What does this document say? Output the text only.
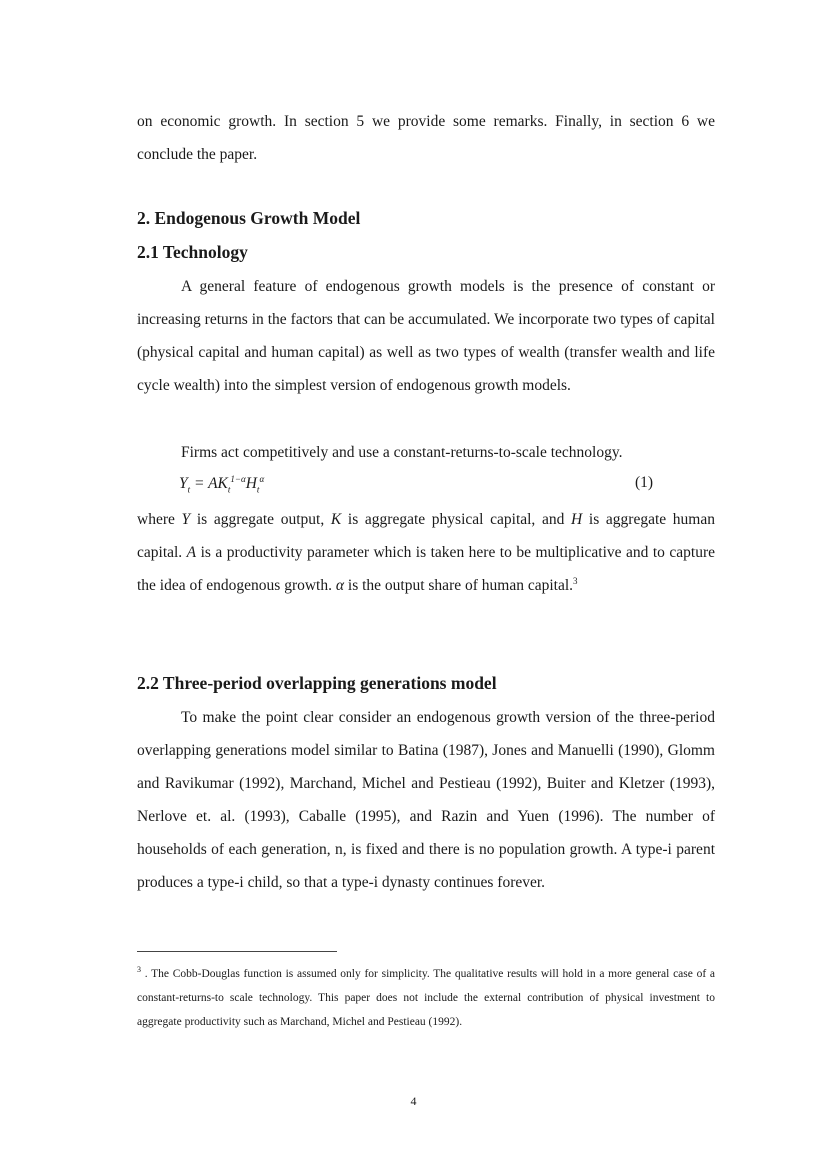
on economic growth. In section 5 we provide some remarks. Finally, in section 6 we conclude the paper.

2. Endogenous Growth Model
2.1 Technology

A general feature of endogenous growth models is the presence of constant or increasing returns in the factors that can be accumulated. We incorporate two types of capital (physical capital and human capital) as well as two types of wealth (transfer wealth and life cycle wealth) into the simplest version of endogenous growth models.

Firms act competitively and use a constant-returns-to-scale technology.

$Y_t = AK_t^{1-\alpha}H_t^\alpha$	(1)

where Y is aggregate output, K is aggregate physical capital, and H is aggregate human capital. A is a productivity parameter which is taken here to be multiplicative and to capture the idea of endogenous growth. α is the output share of human capital.$^3$

2.2 Three-period overlapping generations model

To make the point clear consider an endogenous growth version of the three-period overlapping generations model similar to Batina (1987), Jones and Manuelli (1990), Glomm and Ravikumar (1992), Marchand, Michel and Pestieau (1992), Buiter and Kletzer (1993), Nerlove et. al. (1993), Caballe (1995), and Razin and Yuen (1996). The number of households of each generation, n, is fixed and there is no population growth. A type-i parent produces a type-i child, so that a type-i dynasty continues forever.

$^3$ . The Cobb-Douglas function is assumed only for simplicity. The qualitative results will hold in a more general case of a constant-returns-to scale technology. This paper does not include the external contribution of physical investment to aggregate productivity such as Marchand, Michel and Pestieau (1992).

4
